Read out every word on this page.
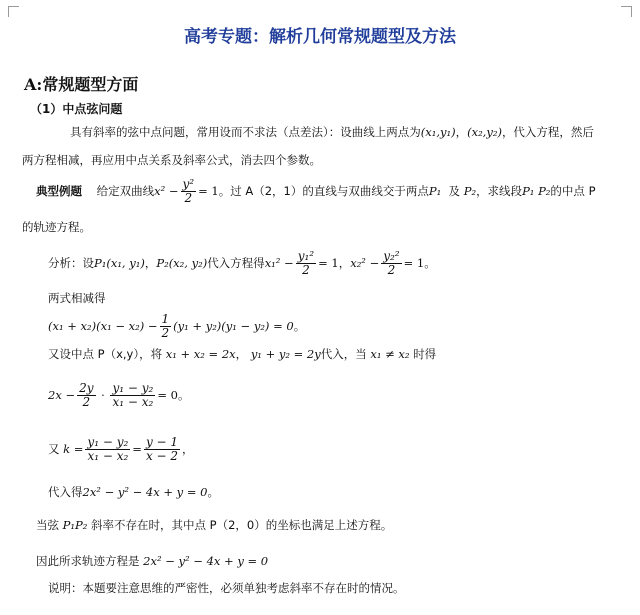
高考专题：解析几何常规题型及方法
A:常规题型方面
（1）中点弦问题
具有斜率的弦中点问题，常用设而不求法（点差法）：设曲线上两点为(x₁,y₁)，(x₂,y₂)，代入方程，然后
两方程相减，再应用中点关系及斜率公式，消去四个参数。
典型例题 给定双曲线$x^2 - \frac{\text{y²}}{2} = 1$。过 A（2，1）的直线与双曲线交于两点P₁ 及 P₂，求线段P₁ P₂的中点 P
的轨迹方程。
分析：设P₁(x₁, y₁)，P₂(x₂, y₂)代入方程得$x_1^2 - \frac{\text{y₁²}}{2} = 1$，$x_2^2 - \frac{\text{y₂²}}{2} = 1$。
两式相减得
$(x_1 + x_2)(x_1 - x_2) - \frac{1}{2} (y_1 + y_2)(y_1 - y_2) = 0$。
又设中点 P（x,y），将 x₁ + x₂ = 2x， y₁ + y₂ = 2y代入，当 x₁ ≠ x₂ 时得
$2x - \frac{2y}{2} \cdot \frac{\text{y₁ − y₂}}{\text{x₁ − x₂}} = 0$。
又 $k = \frac{\text{y₁ − y₂}}{\text{x₁ − x₂}} = \frac{y - 1}{x - 2}$ ，
代入得2x² − y² − 4x + y = 0。
当弦 P₁P₂ 斜率不存在时，其中点 P（2，0）的坐标也满足上述方程。
因此所求轨迹方程是 2x² − y² − 4x + y = 0
说明：本题要注意思维的严密性，必须单独考虑斜率不存在时的情况。
